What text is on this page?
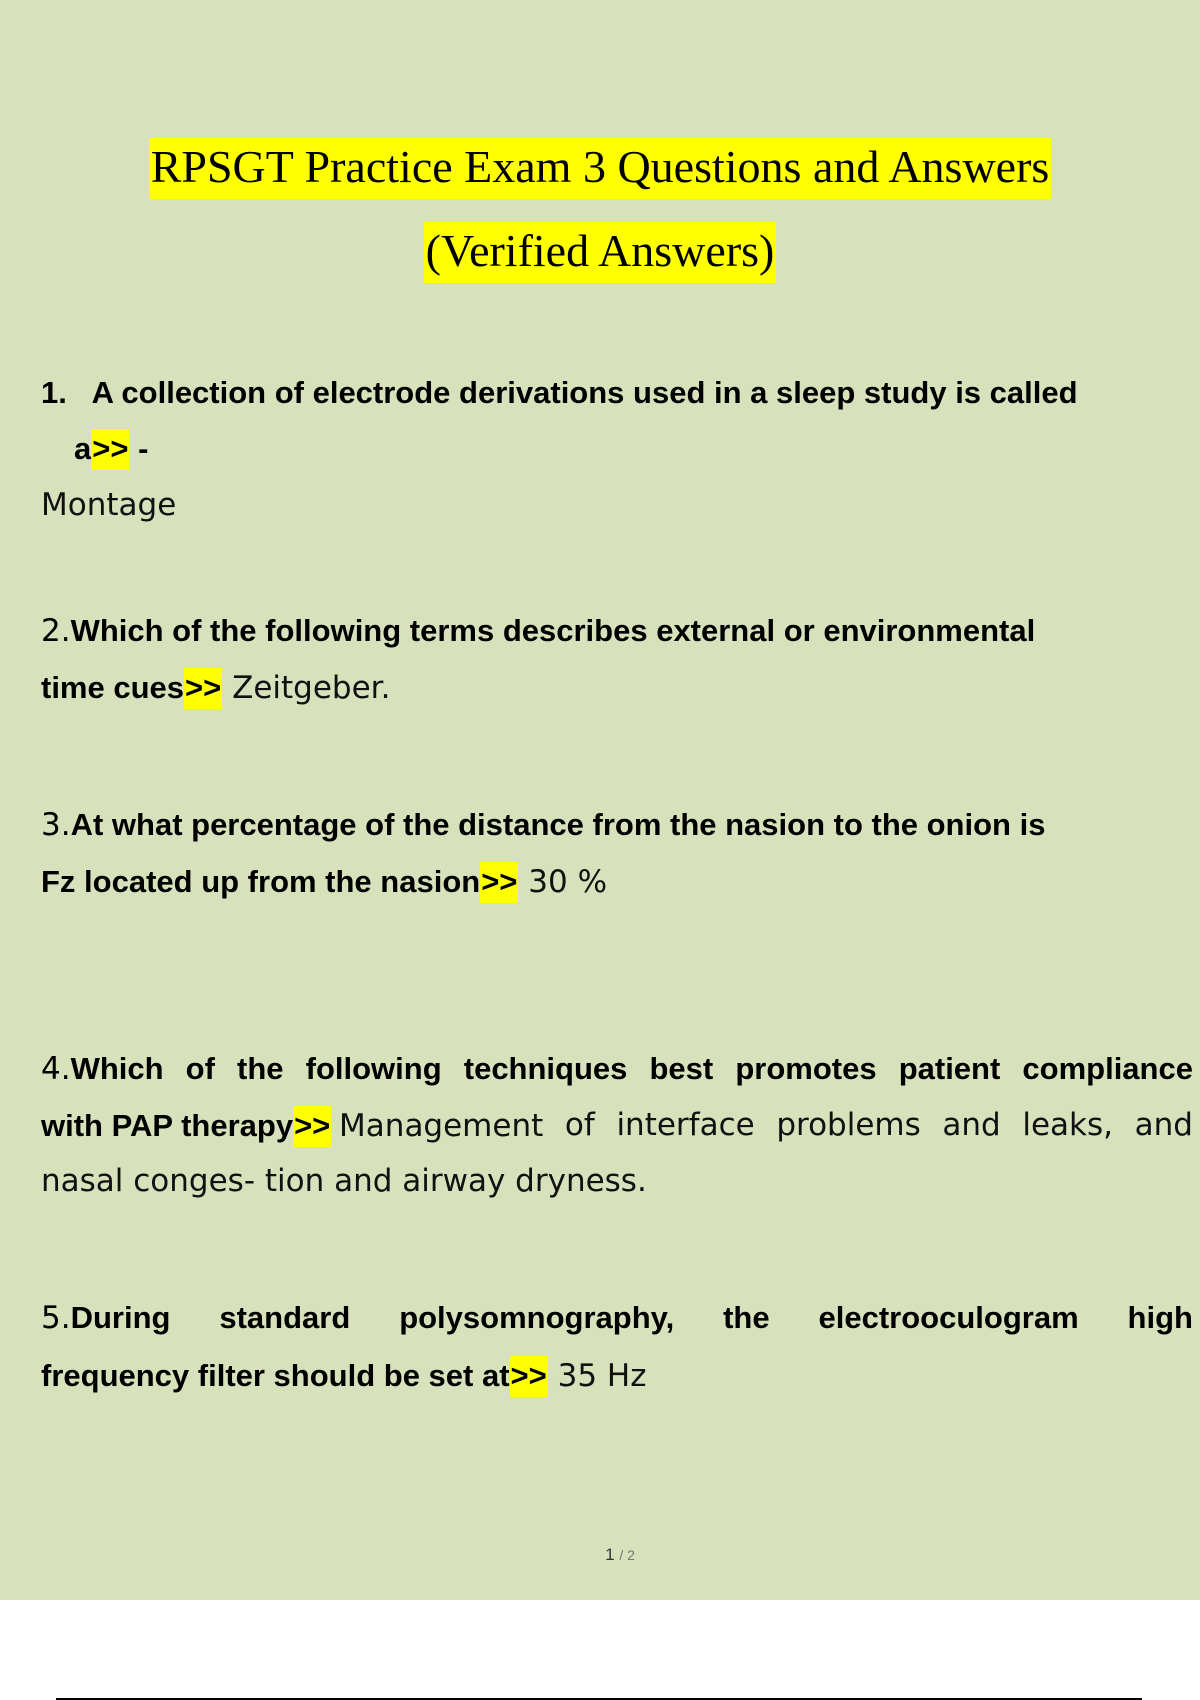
RPSGT Practice Exam 3 Questions and Answers
(Verified Answers)
1. A collection of electrode derivations used in a sleep study is called
a>> -
Montage
2.Which of the following terms describes external or environmental
time cues>> Zeitgeber.
3.At what percentage of the distance from the nasion to the onion is
Fz located up from the nasion>> 30 %
4.Which of the following techniques best promotes patient compliance
with PAP therapy>> Management of interface problems and leaks, and
nasal conges- tion and airway dryness.
5.During standard polysomnography, the electrooculogram high
frequency filter should be set at>> 35 Hz
1 / 2
